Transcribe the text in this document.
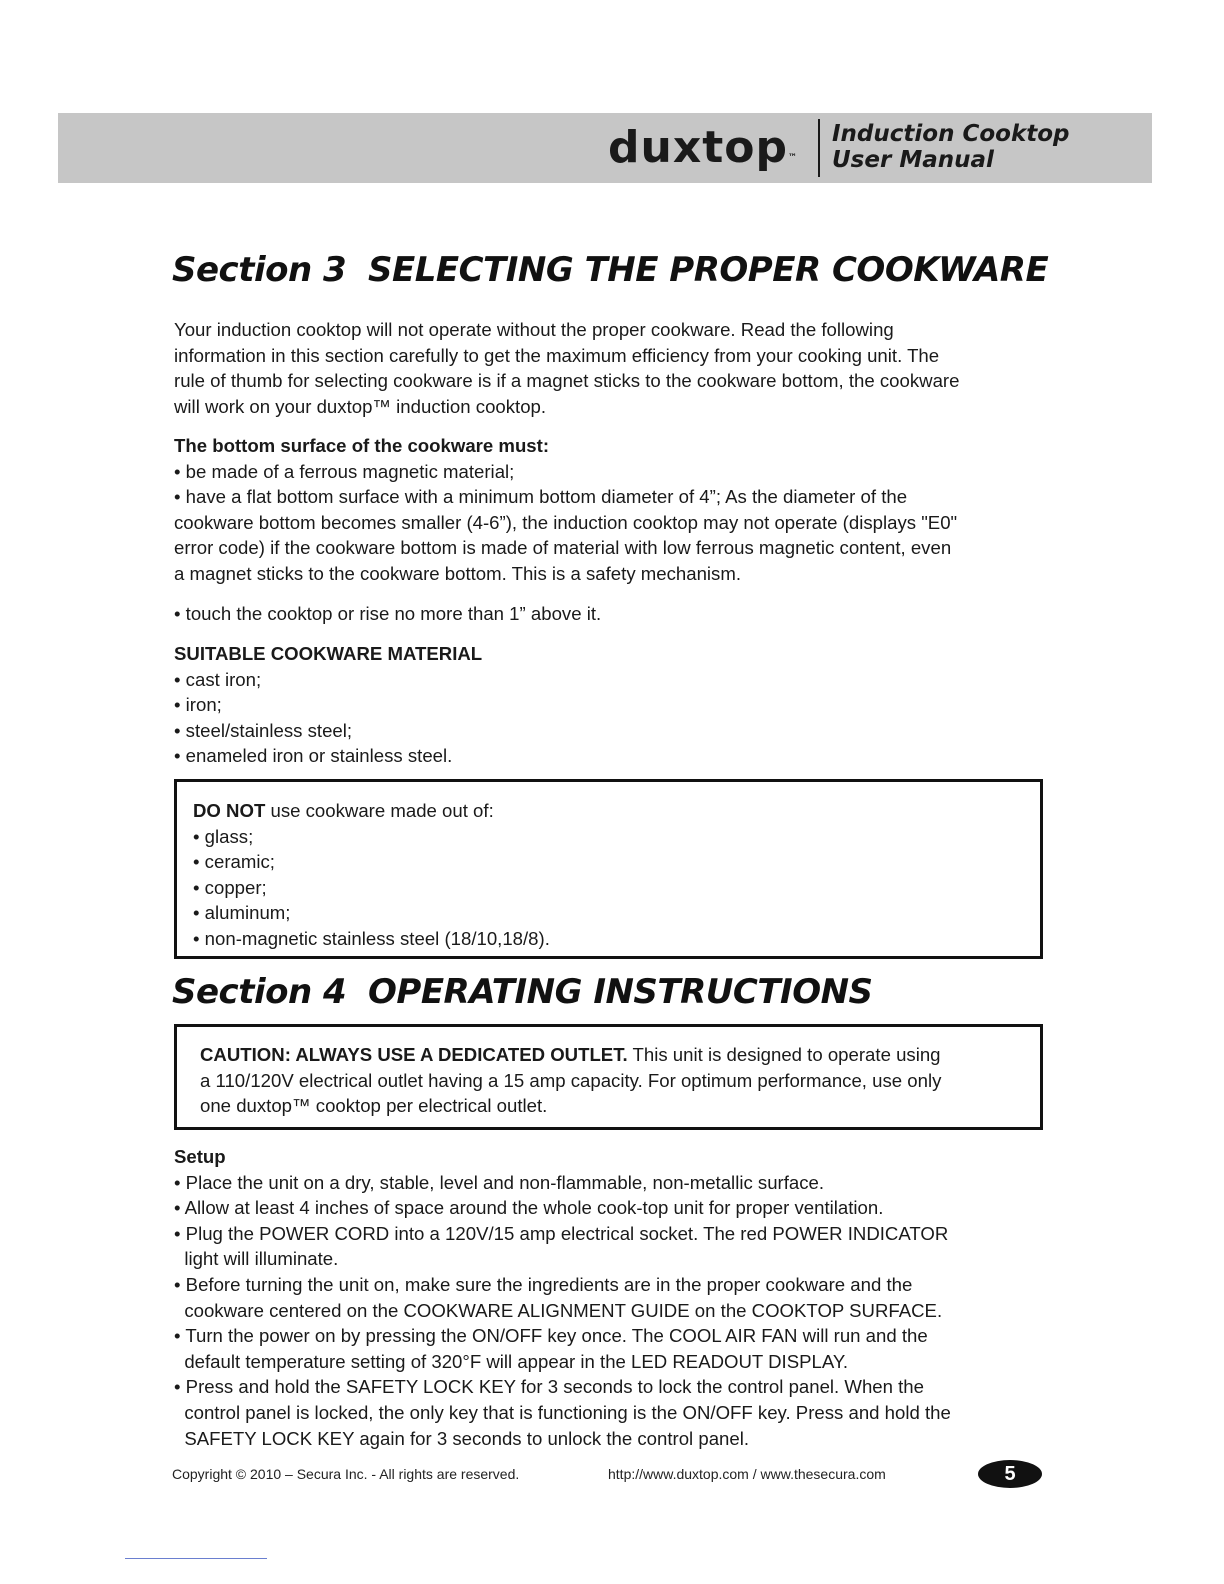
duxtop™
Induction Cooktop
User Manual
Section 3 SELECTING THE PROPER COOKWARE
Your induction cooktop will not operate without the proper cookware. Read the following
information in this section carefully to get the maximum efficiency from your cooking unit. The
rule of thumb for selecting cookware is if a magnet sticks to the cookware bottom, the cookware
will work on your duxtop™ induction cooktop.
The bottom surface of the cookware must:
• be made of a ferrous magnetic material;
• have a flat bottom surface with a minimum bottom diameter of 4”; As the diameter of the
cookware bottom becomes smaller (4-6”), the induction cooktop may not operate (displays "E0"
error code) if the cookware bottom is made of material with low ferrous magnetic content, even
a magnet sticks to the cookware bottom. This is a safety mechanism.
• touch the cooktop or rise no more than 1” above it.
SUITABLE COOKWARE MATERIAL
• cast iron;
• iron;
• steel/stainless steel;
• enameled iron or stainless steel.
DO NOT use cookware made out of:
• glass;
• ceramic;
• copper;
• aluminum;
• non-magnetic stainless steel (18/10,18/8).
Section 4 OPERATING INSTRUCTIONS
CAUTION: ALWAYS USE A DEDICATED OUTLET. This unit is designed to operate using
a 110/120V electrical outlet having a 15 amp capacity. For optimum performance, use only
one duxtop™ cooktop per electrical outlet.
Setup
• Place the unit on a dry, stable, level and non-flammable, non-metallic surface.
• Allow at least 4 inches of space around the whole cook-top unit for proper ventilation.
• Plug the POWER CORD into a 120V/15 amp electrical socket. The red POWER INDICATOR
light will illuminate.
• Before turning the unit on, make sure the ingredients are in the proper cookware and the
cookware centered on the COOKWARE ALIGNMENT GUIDE on the COOKTOP SURFACE.
• Turn the power on by pressing the ON/OFF key once. The COOL AIR FAN will run and the
default temperature setting of 320°F will appear in the LED READOUT DISPLAY.
• Press and hold the SAFETY LOCK KEY for 3 seconds to lock the control panel. When the
control panel is locked, the only key that is functioning is the ON/OFF key. Press and hold the
SAFETY LOCK KEY again for 3 seconds to unlock the control panel.
Copyright © 2010 – Secura Inc. - All rights are reserved.	http://www.duxtop.com / www.thesecura.com	5
